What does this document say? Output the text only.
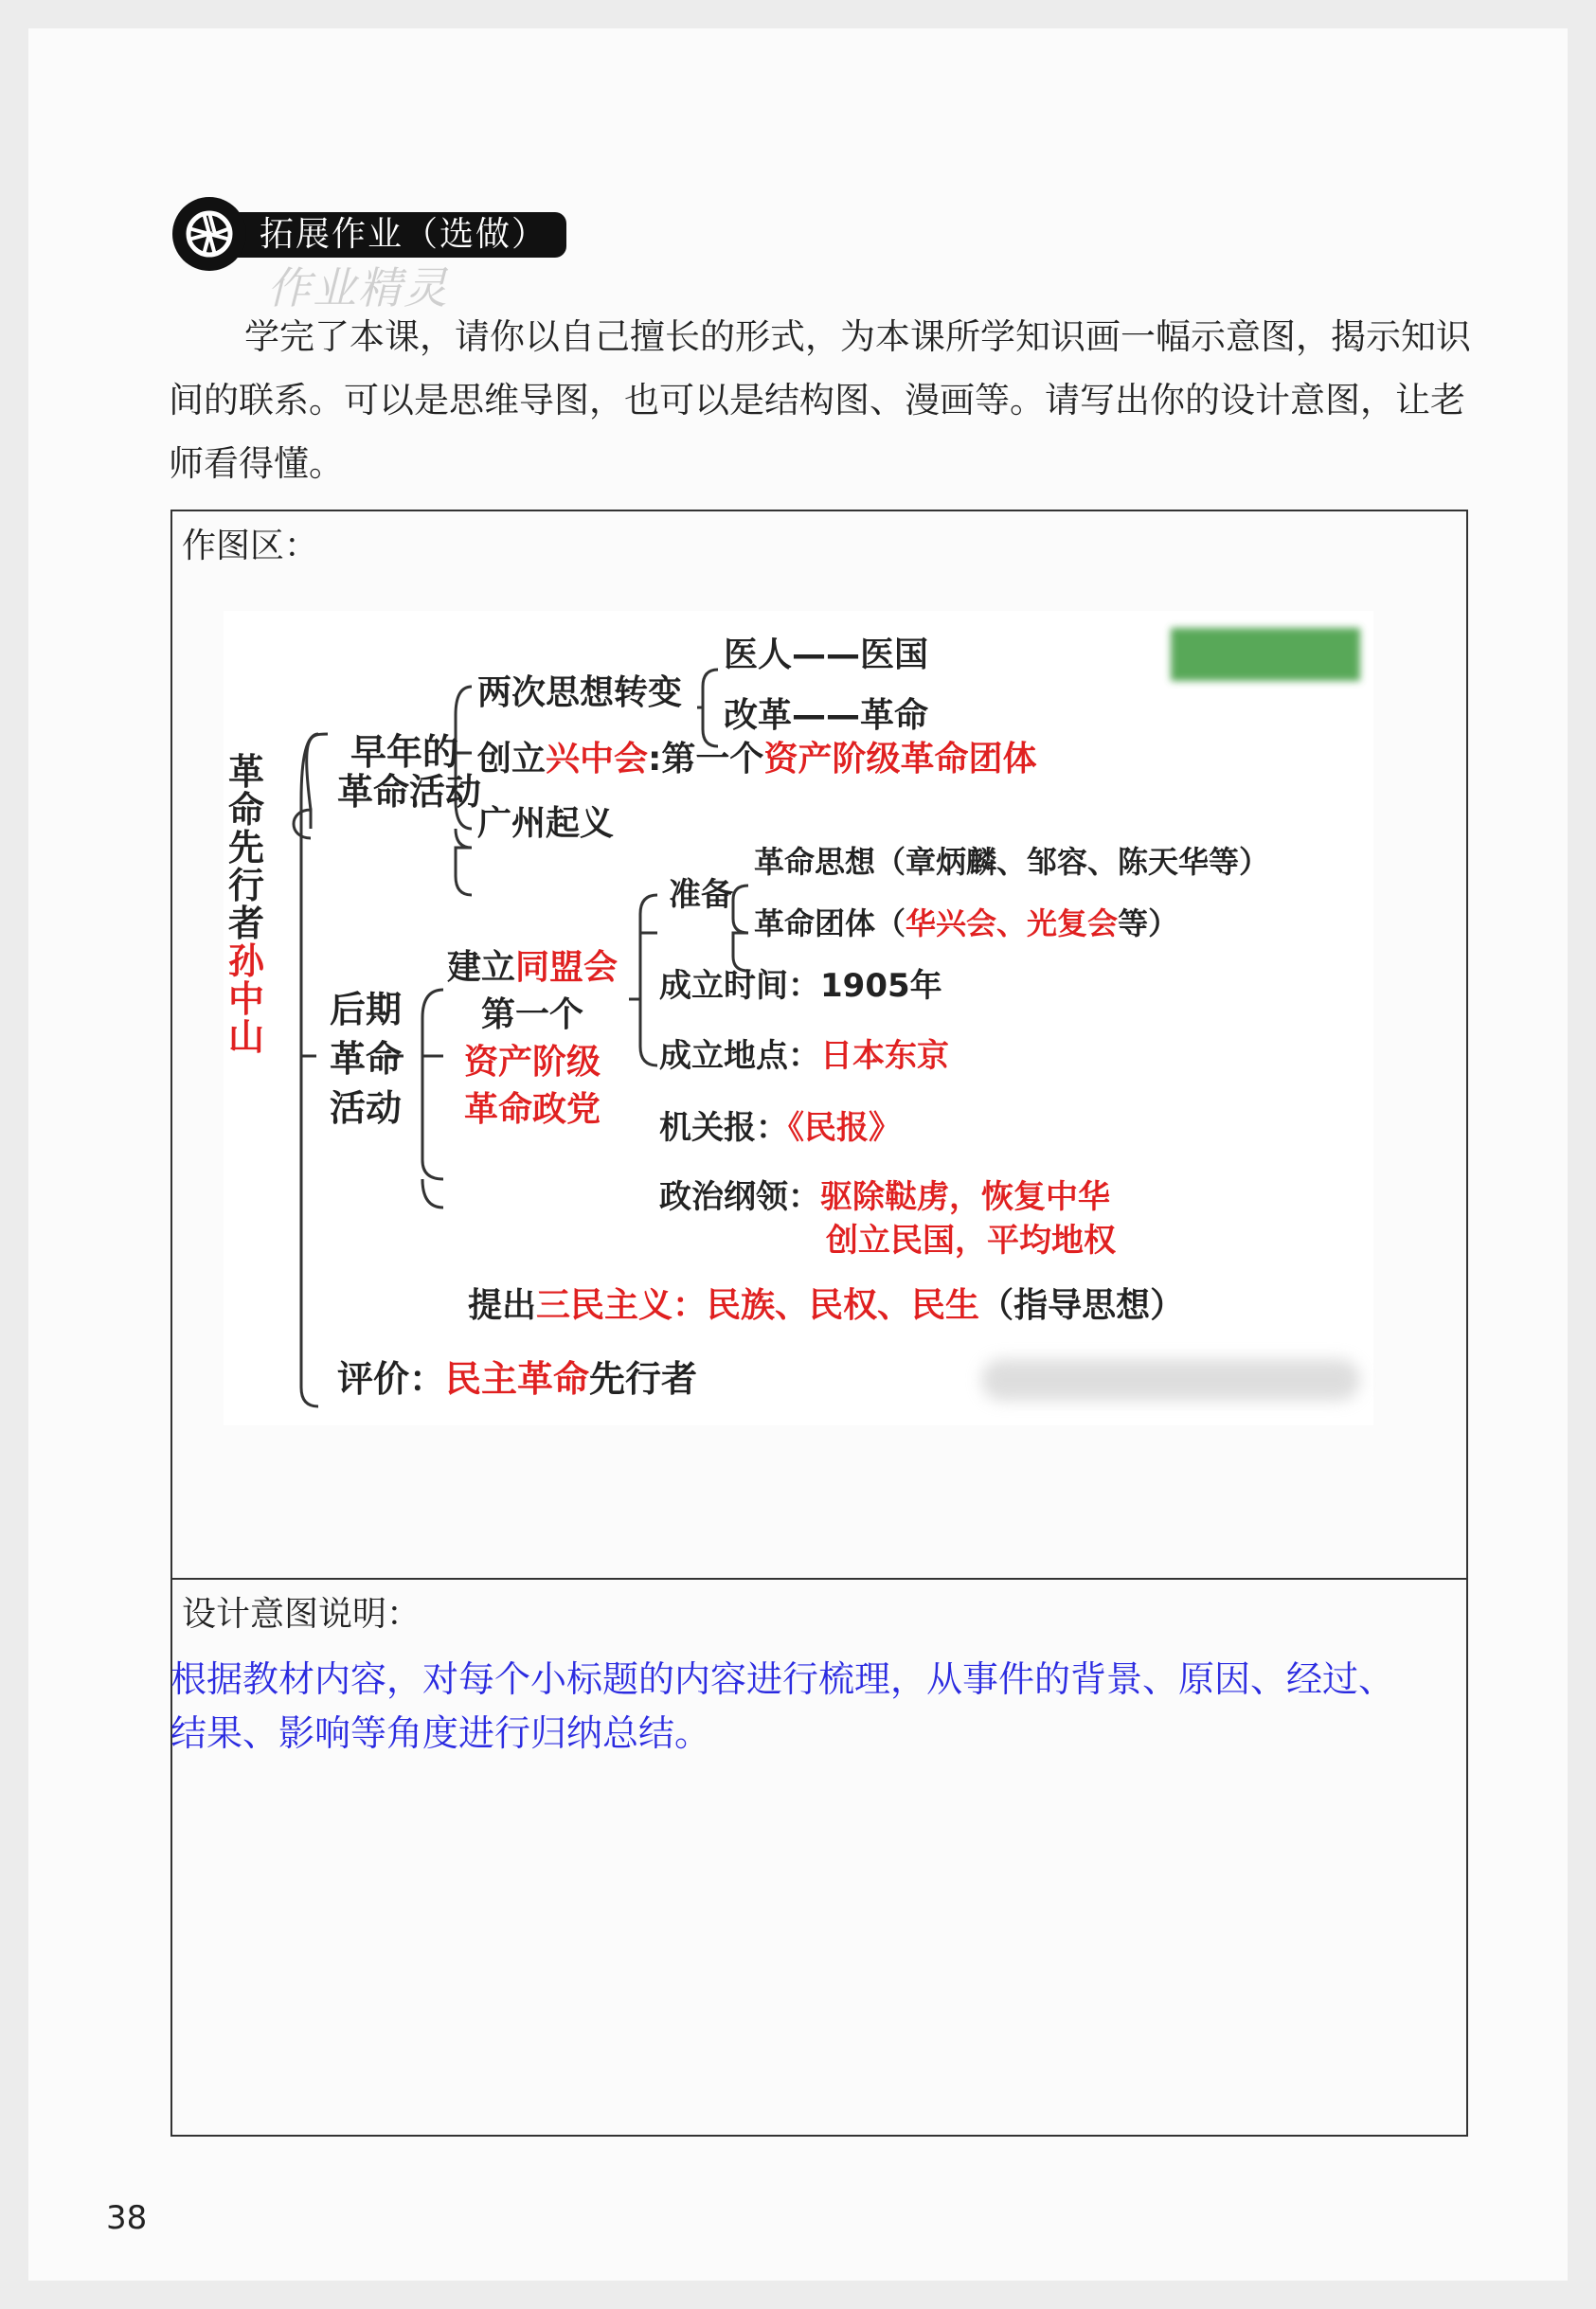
拓展作业（选做）
作业精灵

学完了本课，请你以自己擅长的形式，为本课所学知识画一幅示意图，揭示知识间的联系。可以是思维导图，也可以是结构图、漫画等。请写出你的设计意图，让老师看得懂。

作图区：
革命先行者
孙中山
早年的
革命活动
两次思想转变
医人——医国
改革——革命
创立兴中会:第一个资产阶级革命团体
广州起义
后期
革命
活动
建立同盟会
第一个
资产阶级
革命政党
准备
革命思想（章炳麟、邹容、陈天华等）
革命团体（华兴会、光复会等）
成立时间：1905年
成立地点：日本东京
机关报：《民报》
政治纲领：驱除鞑虏，恢复中华
创立民国，平均地权
提出三民主义：民族、民权、民生（指导思想）
评价：民主革命先行者
设计意图说明：

根据教材内容，对每个小标题的内容进行梳理，从事件的背景、原因、经过、结果、影响等角度进行归纳总结。

38
